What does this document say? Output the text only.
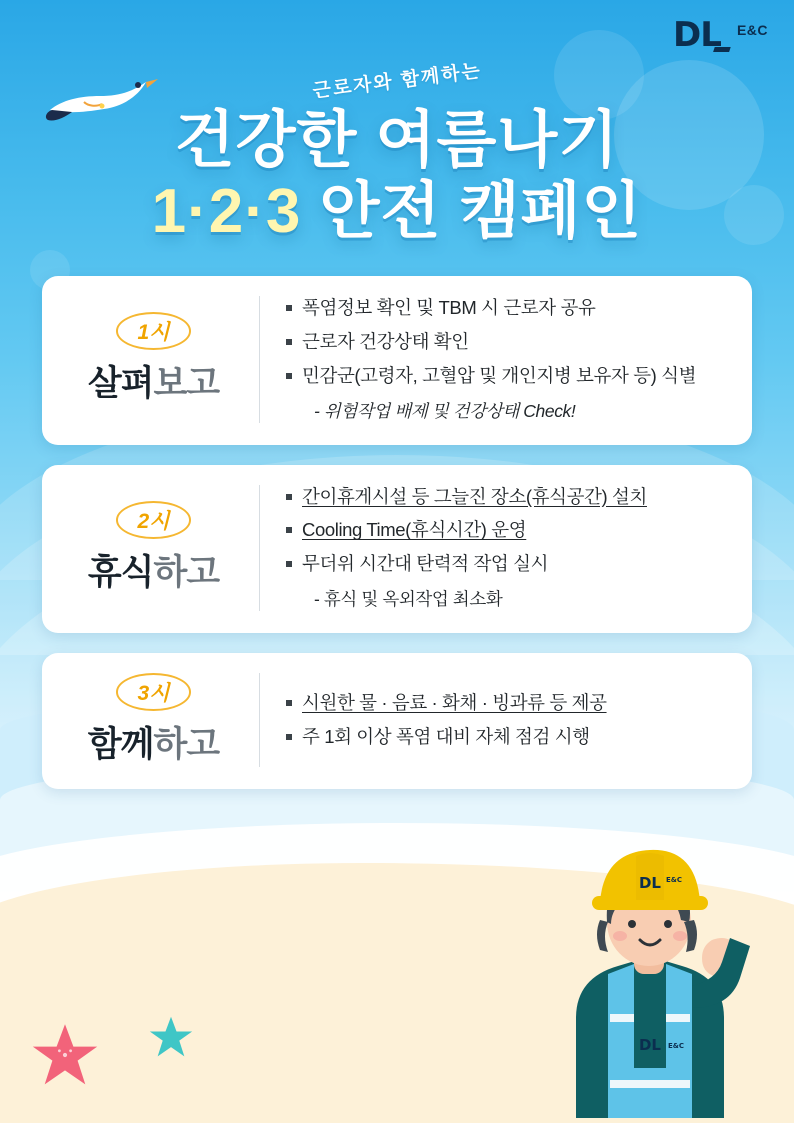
DL	E&C
근로자와 함께하는
건강한 여름나기
1·2·3 안전 캠페인
1시
살펴보고
폭염정보 확인 및 TBM 시 근로자 공유
근로자 건강상태 확인
민감군(고령자, 고혈압 및 개인지병 보유자 등) 식별
- 위험작업 배제 및 건강상태 Check!
2시
휴식하고
간이휴게시설 등 그늘진 장소(휴식공간) 설치
Cooling Time(휴식시간) 운영
무더위 시간대 탄력적 작업 실시
- 휴식 및 옥외작업 최소화
3시
함께하고
시원한 물 · 음료 · 화채 · 빙과류 등 제공
주 1회 이상 폭염 대비 자체 점검 시행
DL E&C
DL E&C
